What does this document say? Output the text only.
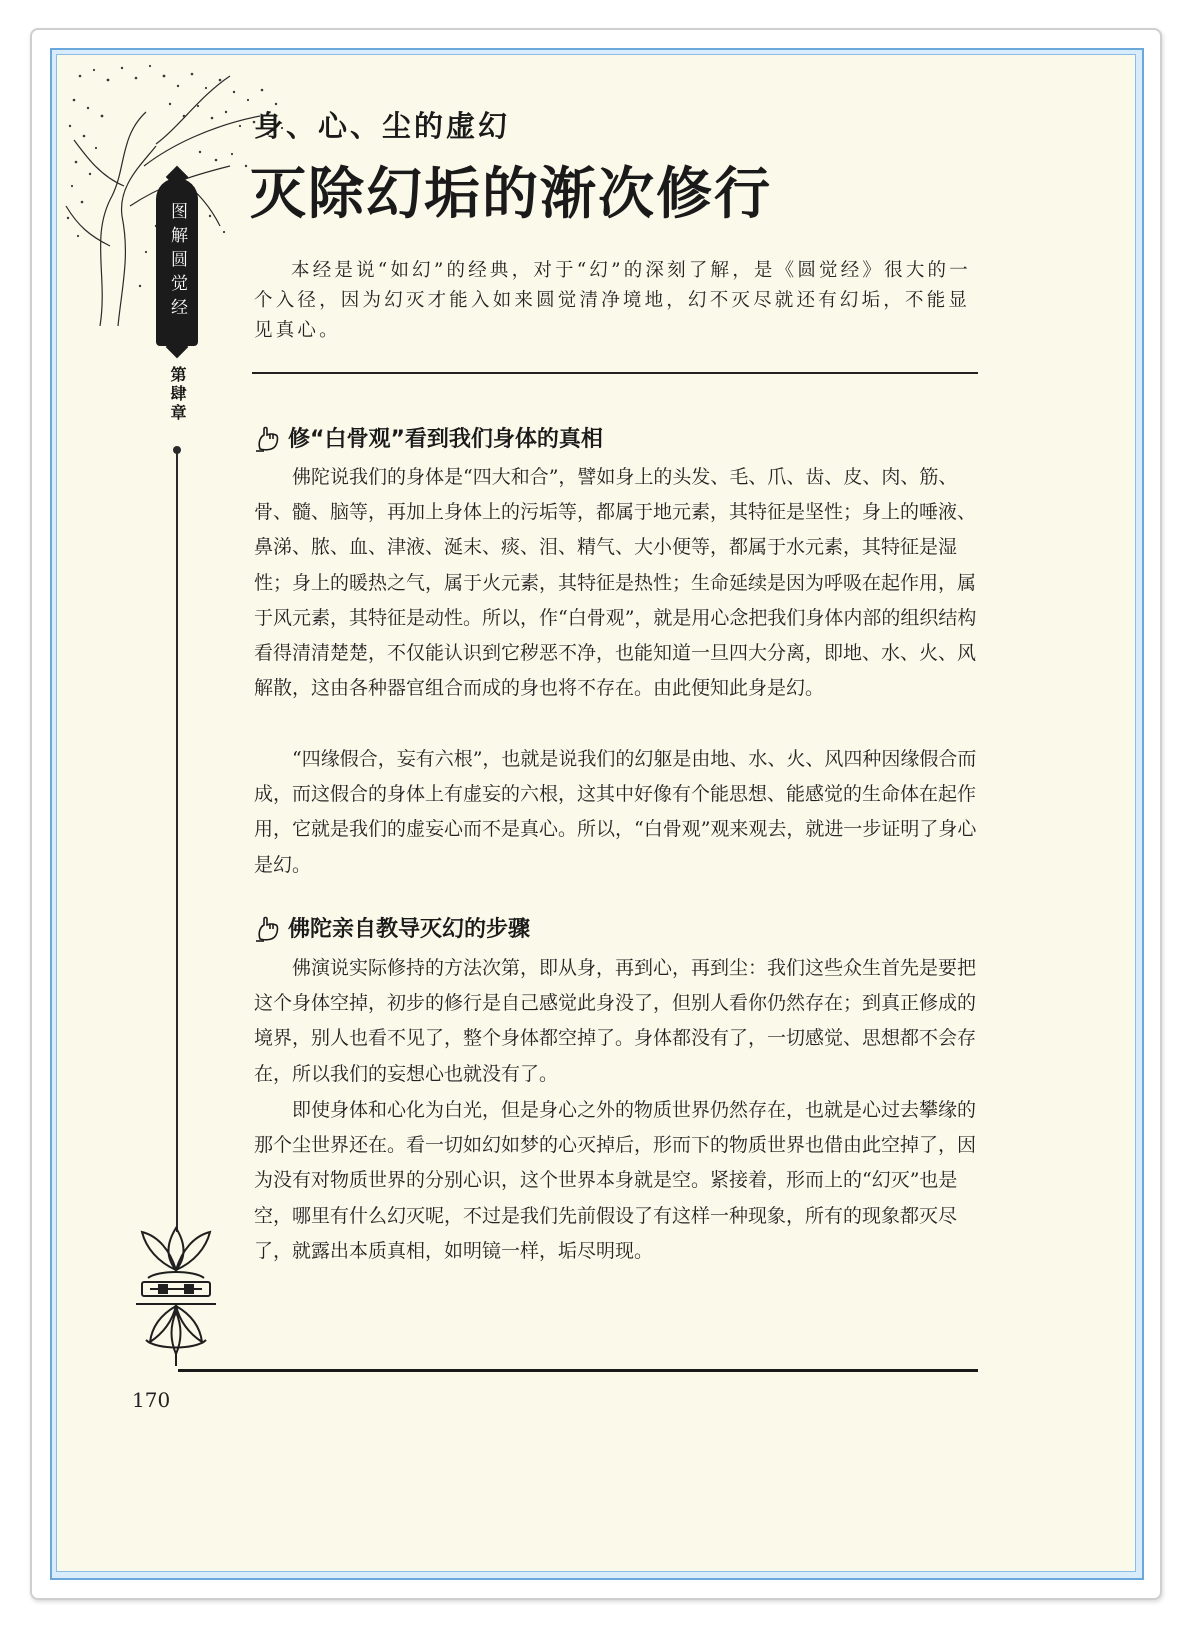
图解圆觉经
第肆章
身、心、尘的虚幻
灭除幻垢的渐次修行

本经是说“如幻”的经典，对于“幻”的深刻了解，是《圆觉经》很大的一个入径，因为幻灭才能入如来圆觉清净境地，幻不灭尽就还有幻垢，不能显见真心。

修“白骨观”看到我们身体的真相

佛陀说我们的身体是“四大和合”，譬如身上的头发、毛、爪、齿、皮、肉、筋、骨、髓、脑等，再加上身体上的污垢等，都属于地元素，其特征是坚性；身上的唾液、鼻涕、脓、血、津液、涎末、痰、泪、精气、大小便等，都属于水元素，其特征是湿性；身上的暖热之气，属于火元素，其特征是热性；生命延续是因为呼吸在起作用，属于风元素，其特征是动性。所以，作“白骨观”，就是用心念把我们身体内部的组织结构看得清清楚楚，不仅能认识到它秽恶不净，也能知道一旦四大分离，即地、水、火、风解散，这由各种器官组合而成的身也将不存在。由此便知此身是幻。

“四缘假合，妄有六根”，也就是说我们的幻躯是由地、水、火、风四种因缘假合而成，而这假合的身体上有虚妄的六根，这其中好像有个能思想、能感觉的生命体在起作用，它就是我们的虚妄心而不是真心。所以，“白骨观”观来观去，就进一步证明了身心是幻。

佛陀亲自教导灭幻的步骤

佛演说实际修持的方法次第，即从身，再到心，再到尘：我们这些众生首先是要把这个身体空掉，初步的修行是自己感觉此身没了，但别人看你仍然存在；到真正修成的境界，别人也看不见了，整个身体都空掉了。身体都没有了，一切感觉、思想都不会存在，所以我们的妄想心也就没有了。

即使身体和心化为白光，但是身心之外的物质世界仍然存在，也就是心过去攀缘的那个尘世界还在。看一切如幻如梦的心灭掉后，形而下的物质世界也借由此空掉了，因为没有对物质世界的分别心识，这个世界本身就是空。紧接着，形而上的“幻灭”也是空，哪里有什么幻灭呢，不过是我们先前假设了有这样一种现象，所有的现象都灭尽了，就露出本质真相，如明镜一样，垢尽明现。

170
